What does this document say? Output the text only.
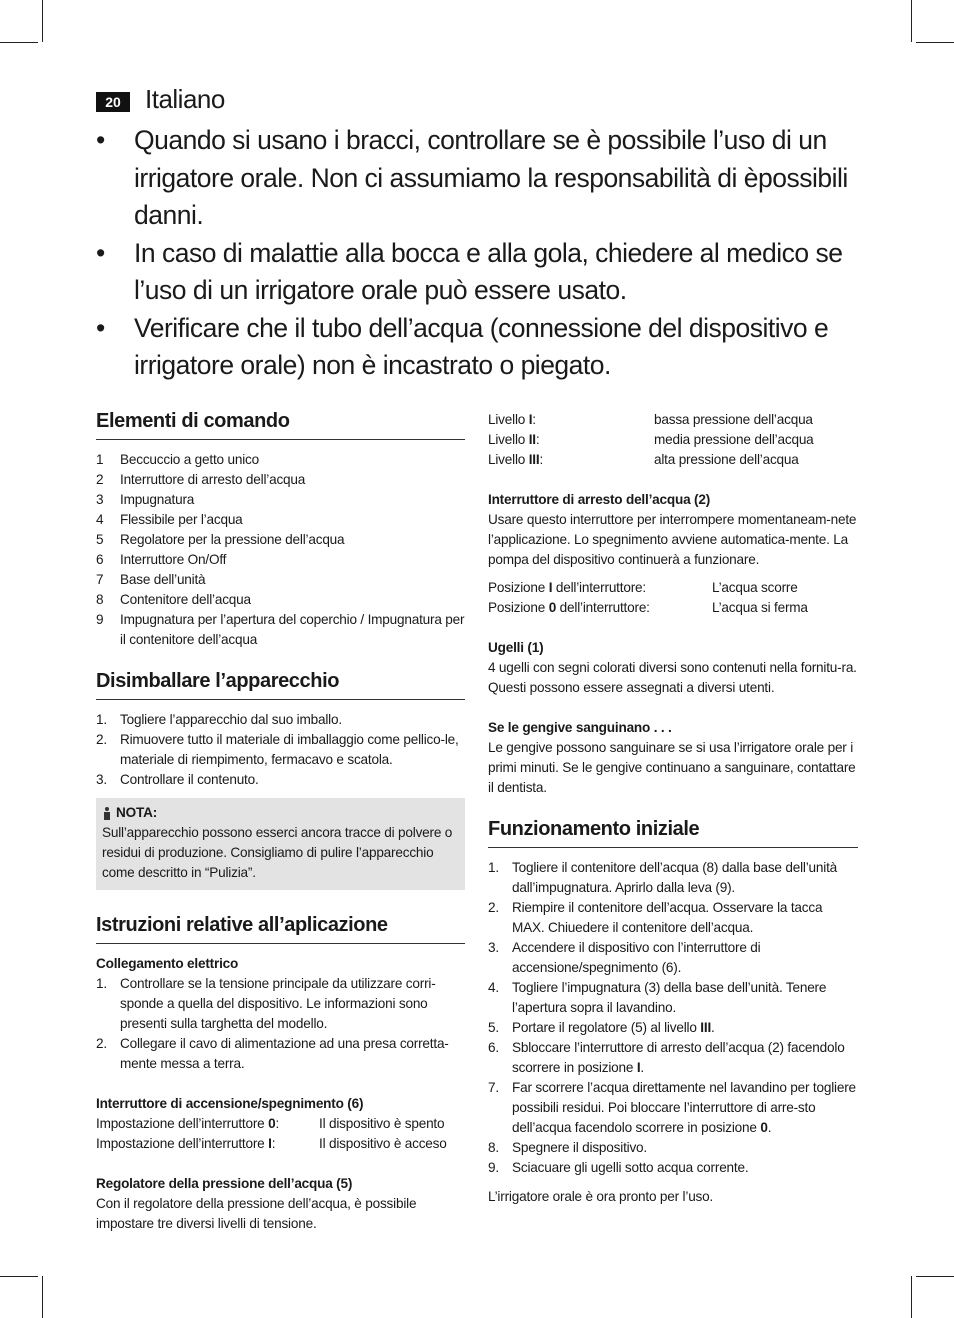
20 Italiano
• Quando si usano i bracci, controllare se è possibile l’uso di un irrigatore orale. Non ci assumiamo la responsabilità di èpossibili danni.
• In caso di malattie alla bocca e alla gola, chiedere al medico se l’uso di un irrigatore orale può essere usato.
• Verificare che il tubo dell’acqua (connessione del dispositivo e irrigatore orale) non è incastrato o piegato.
Elementi di comando
1 Beccuccio a getto unico
2 Interruttore di arresto dell’acqua
3 Impugnatura
4 Flessibile per l’acqua
5 Regolatore per la pressione dell’acqua
6 Interruttore On/Off
7 Base dell’unità
8 Contenitore dell’acqua
9 Impugnatura per l’apertura del coperchio / Impugnatura per il contenitore dell’acqua
Disimballare l’apparecchio
1. Togliere l’apparecchio dal suo imballo.
2. Rimuovere tutto il materiale di imballaggio come pellico-le, materiale di riempimento, fermacavo e scatola.
3. Controllare il contenuto.
NOTA:

Sull’apparecchio possono esserci ancora tracce di polvere o residui di produzione. Consigliamo di pulire l’apparecchio come descritto in “Pulizia”.

Istruzioni relative all’aplicazione

Collegamento elettrico

1. Controllare se la tensione principale da utilizzare corri-sponde a quella del dispositivo. Le informazioni sono presenti sulla targhetta del modello.
2. Collegare il cavo di alimentazione ad una presa corretta-mente messa a terra.

Interruttore di accensione/spegnimento (6)

Impostazione dell’interruttore 0:	Il dispositivo è spento
Impostazione dell’interruttore I:	Il dispositivo è acceso

Regolatore della pressione dell’acqua (5)

Con il regolatore della pressione dell’acqua, è possibile impostare tre diversi livelli di tensione.

Livello I:	bassa pressione dell’acqua
Livello II:	media pressione dell’acqua
Livello III:	alta pressione dell’acqua

Interruttore di arresto dell’acqua (2)

Usare questo interruttore per interrompere momentaneam-nete l’applicazione. Lo spegnimento avviene automatica-mente. La pompa del dispositivo continuerà a funzionare.

Posizione I dell’interruttore:	L’acqua scorre
Posizione 0 dell’interruttore:	L’acqua si ferma

Ugelli (1)

4 ugelli con segni colorati diversi sono contenuti nella fornitu-ra. Questi possono essere assegnati a diversi utenti.

Se le gengive sanguinano . . .

Le gengive possono sanguinare se si usa l’irrigatore orale per i primi minuti. Se le gengive continuano a sanguinare, contattare il dentista.

Funzionamento iniziale
1. Togliere il contenitore dell’acqua (8) dalla base dell’unità dall’impugnatura. Aprirlo dalla leva (9).
2. Riempire il contenitore dell’acqua. Osservare la tacca MAX. Chiuedere il contenitore dell’acqua.
3. Accendere il dispositivo con l’interruttore di accensione/spegnimento (6).
4. Togliere l’impugnatura (3) della base dell’unità. Tenere l’apertura sopra il lavandino.
5. Portare il regolatore (5) al livello III.
6. Sbloccare l’interruttore di arresto dell’acqua (2) facendolo scorrere in posizione I.
7. Far scorrere l’acqua direttamente nel lavandino per togliere possibili residui. Poi bloccare l’interruttore di arre-sto dell’acqua facendolo scorrere in posizione 0.
8. Spegnere il dispositivo.
9. Sciacuare gli ugelli sotto acqua corrente.

L’irrigatore orale è ora pronto per l’uso.
